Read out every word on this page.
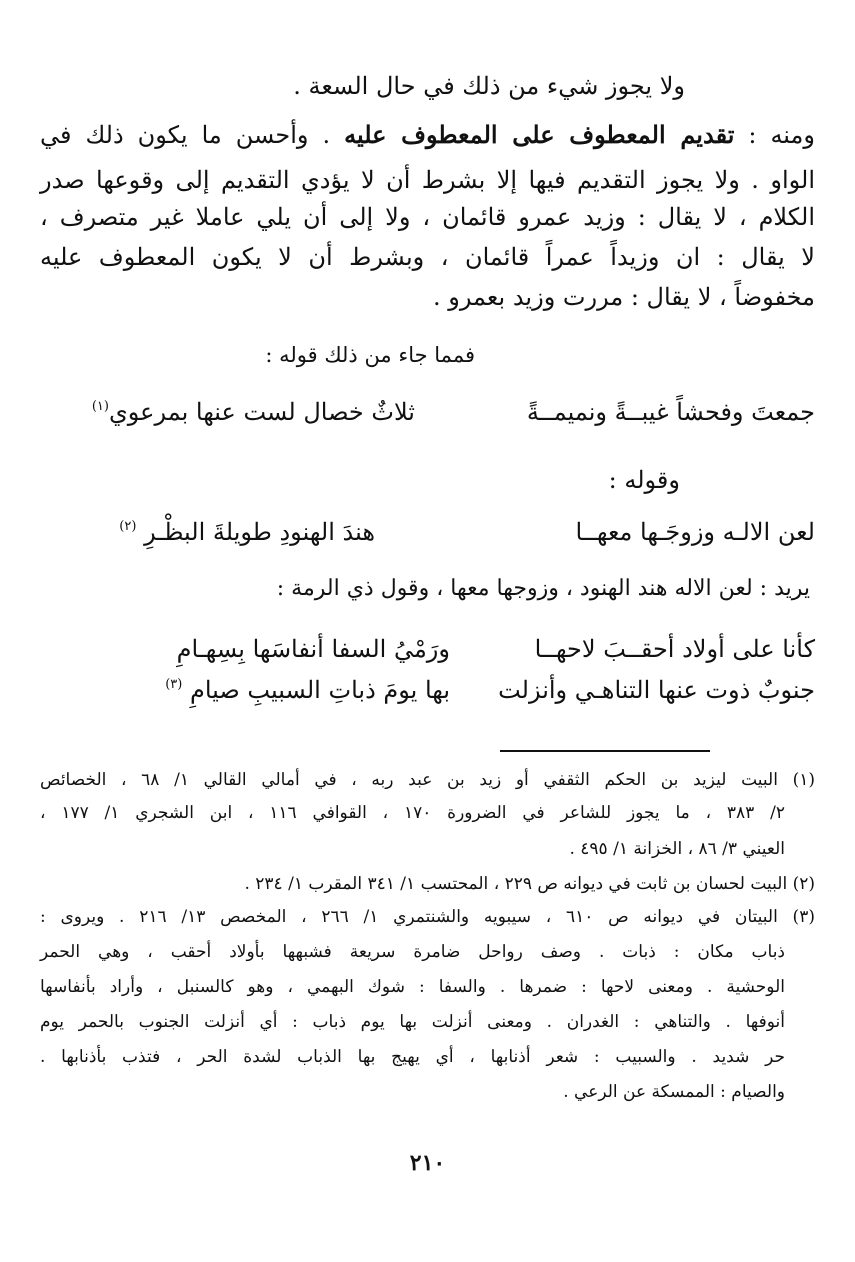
ولا يجوز شيء من ذلك في حال السعة .
ومنه : تقديم المعطوف على المعطوف عليه . وأحسن ما يكون ذلك في
الواو . ولا يجوز التقديم فيها إلا بشرط أن لا يؤدي التقديم إلى وقوعها صدر
الكلام ، لا يقال : وزيد عمرو قائمان ، ولا إلى أن يلي عاملا غير متصرف ،
لا يقال : ان وزيداً عمراً قائمان ، وبشرط أن لا يكون المعطوف عليه
مخفوضاً ، لا يقال : مررت وزيد بعمرو .
فمما جاء من ذلك قوله :
جمعتَ وفحشاً غيبــةً ونميمــةً
ثلاثٌ خصال لست عنها بمرعوي$^{(١)}$
وقوله :
لعن الالـه وزوجَـها معهــا
هندَ الهنودِ طويلةَ البظْـرِ $^{(٢)}$
يريد : لعن الاله هند الهنود ، وزوجها معها ، وقول ذي الرمة :
كأنا على أولاد أحقــبَ لاحهــا
ورَمْيُ السفا أنفاسَها بِسِهـامِ
جنوبٌ ذوت عنها التناهـي وأنزلت
بها يومَ ذباتِ السبيبِ صيامِ $^{(٣)}$
(١) البيت ليزيد بن الحكم الثقفي أو زيد بن عبد ربه ، في أمالي القالي ١/ ٦٨ ، الخصائص
٢/ ٣٨٣ ، ما يجوز للشاعر في الضرورة ١٧٠ ، القوافي ١١٦ ، ابن الشجري ١/ ١٧٧ ،
العيني ٣/ ٨٦ ، الخزانة ١/ ٤٩٥ .
(٢) البيت لحسان بن ثابت في ديوانه ص ٢٢٩ ، المحتسب ١/ ٣٤١ المقرب ١/ ٢٣٤ .
(٣) البيتان في ديوانه ص ٦١٠ ، سيبويه والشنتمري ١/ ٢٦٦ ، المخصص ١٣/ ٢١٦ . ويروى :
ذباب مكان : ذبات . وصف رواحل ضامرة سريعة فشبهها بأولاد أحقب ، وهي الحمر
الوحشية . ومعنى لاحها : ضمرها . والسفا : شوك البهمي ، وهو كالسنبل ، وأراد بأنفاسها
أنوفها . والتناهي : الغدران . ومعنى أنزلت بها يوم ذباب : أي أنزلت الجنوب بالحمر يوم
حر شديد . والسبيب : شعر أذنابها ، أي يهيج بها الذباب لشدة الحر ، فتذب بأذنابها .
والصيام : الممسكة عن الرعي .
٢١٠
